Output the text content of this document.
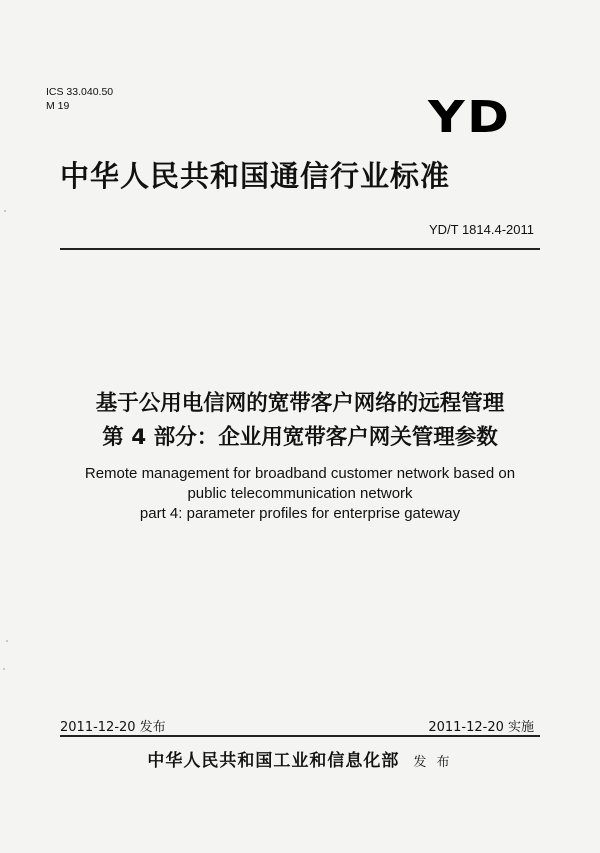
ICS 33.040.50
M 19	YD
中华人民共和国通信行业标准
YD/T 1814.4-2011
基于公用电信网的宽带客户网络的远程管理
第 4 部分：企业用宽带客户网关管理参数
Remote management for broadband customer network based on
public telecommunication network
part 4: parameter profiles for enterprise gateway
2011-12-20 发布	2011-12-20 实施
中华人民共和国工业和信息化部 发 布
